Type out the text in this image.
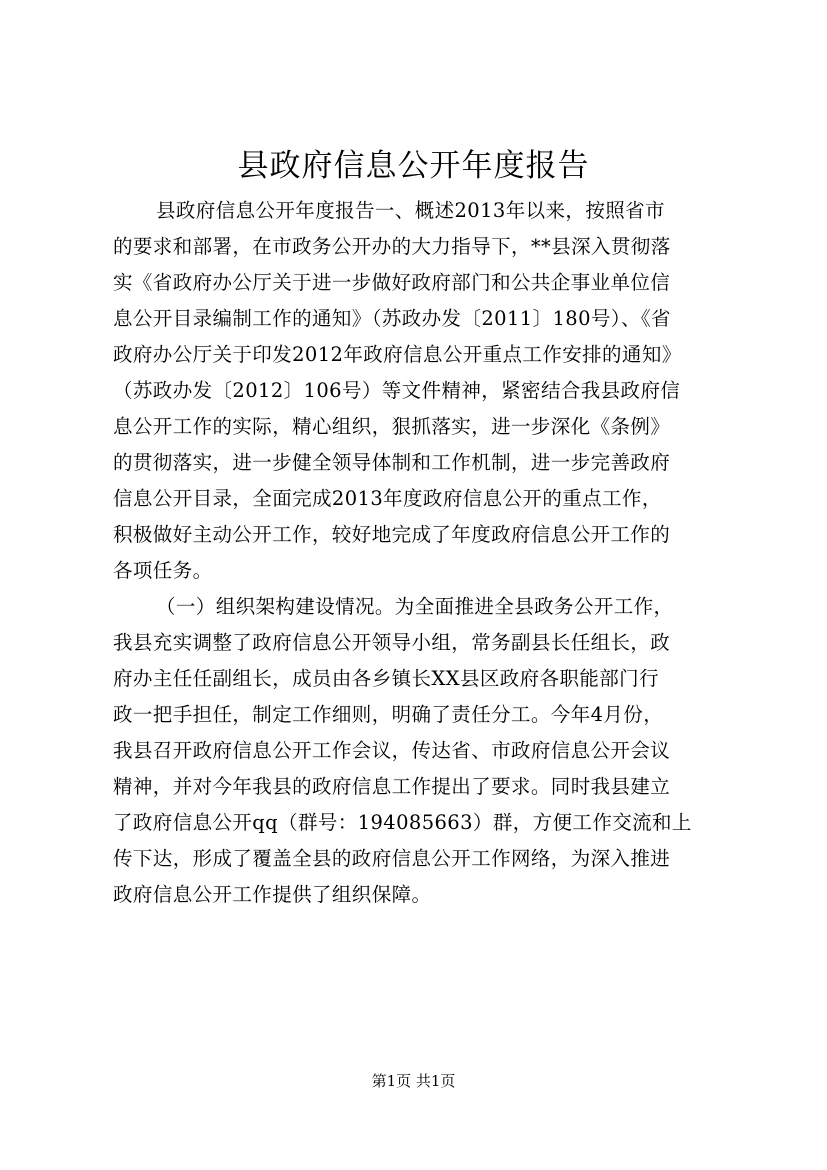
县政府信息公开年度报告
县政府信息公开年度报告一、概述2013年以来，按照省市
的要求和部署，在市政务公开办的大力指导下，**县深入贯彻落
实《省政府办公厅关于进一步做好政府部门和公共企事业单位信
息公开目录编制工作的通知》（苏政办发〔2011〕180号）、《省
政府办公厅关于印发2012年政府信息公开重点工作安排的通知》
（苏政办发〔2012〕106号）等文件精神，紧密结合我县政府信
息公开工作的实际，精心组织，狠抓落实，进一步深化《条例》
的贯彻落实，进一步健全领导体制和工作机制，进一步完善政府
信息公开目录，全面完成2013年度政府信息公开的重点工作，
积极做好主动公开工作，较好地完成了年度政府信息公开工作的
各项任务。
（一）组织架构建设情况。为全面推进全县政务公开工作，
我县充实调整了政府信息公开领导小组，常务副县长任组长，政
府办主任任副组长，成员由各乡镇长XX县区政府各职能部门行
政一把手担任，制定工作细则，明确了责任分工。今年4月份，
我县召开政府信息公开工作会议，传达省、市政府信息公开会议
精神，并对今年我县的政府信息工作提出了要求。同时我县建立
了政府信息公开qq（群号：194085663）群，方便工作交流和上
传下达，形成了覆盖全县的政府信息公开工作网络，为深入推进
政府信息公开工作提供了组织保障。
第1页 共1页
